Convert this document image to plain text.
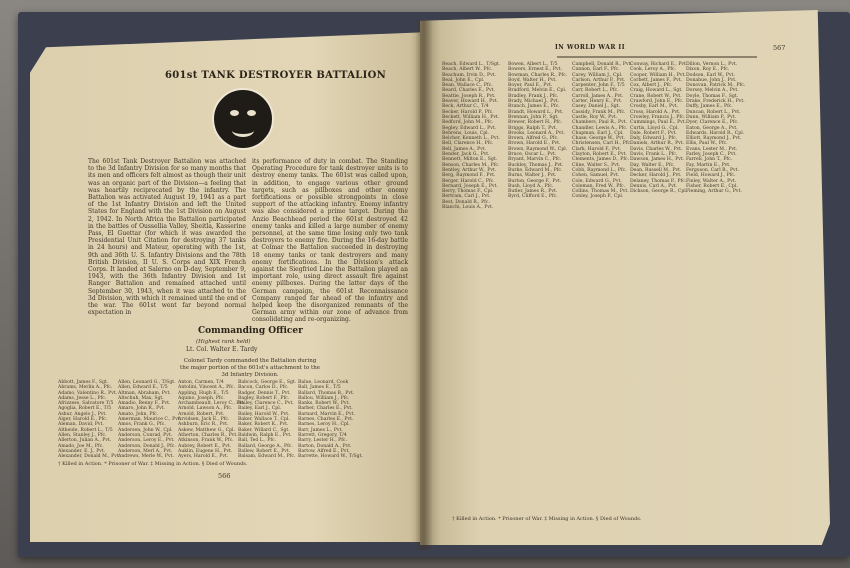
601st TANK DESTROYER BATTALION

The 601st Tank Destroyer Battalion was attached to the 3d Infantry Division for so many months that its men and officers felt almost as though their unit was an organic part of the Division—a feeling that was heartily reciprocated by the infantry. The Battalion was activated August 19, 1941 as a part of the 1st Infantry Division and left the United States for England with the 1st Division on August 2, 1942. In North Africa the Battalion participated in the battles of Oussellia Valley, Sbeitla, Kasserine Pass, El Guettar (for which it was awarded the Presidential Unit Citation for destroying 37 tanks in 24 hours) and Mateur, operating with the 1st, 9th and 36th U. S. Infantry Divisions and the 78th British Division, II U. S. Corps and XIX French Corps. It landed at Salerno on D-day, September 9, 1943, with the 36th Infantry Division and 1st Ranger Battalion and remained attached until September 30, 1943, when it was attached to the 3d Division, with which it remained until the end of the war. The 601st went far beyond normal expectation in

its performance of duty in combat. The Standing Operating Procedure for tank destroyer units is to destroy enemy tanks. The 601st was called upon, in addition, to engage various other ground targets, such as pillboxes and other enemy fortifications or possible strongpoints in close support of the attacking infantry. Enemy infantry was also considered a prime target. During the Anzio Beachhead period the 601st destroyed 42 enemy tanks and killed a large number of enemy personnel, at the same time losing only two tank destroyers to enemy fire. During the 16-day battle at Colmar the Battalion succeeded in destroying 18 enemy tanks or tank destroyers and many enemy fortifications. In the Division's attack against the Siegfried Line the Battalion played an important role, using direct assault fire against enemy pillboxes. During the latter days of the German campaign, the 601st Reconnaissance Company ranged far ahead of the infantry and helped keep the disorganized remnants of the German army within our zone of advance from consolidating and re-organizing.

Commanding Officer
(Highest rank held)
Lt. Col. Walter E. Tardy
Colonel Tardy commanded the Battalion during the major portion of the 601st's attachment to the 3d Infantry Division.
Abbott, James F., Sgt.
Abrams, Merlin A., Pfc.
Adamo, Valentino R., Pvt.
Adams, Jesse L., Pfc.
Afrizzese, Salvatore T/5
Agoglia, Robert E., T/5
Ashur, Angelo J., Pvt.
Alger, Harold E., Pfc.
Aleman, David, Pvt.
Altheide, Robert L., T/5
Allen, Stanley J., Pfc.
Allerton, Julian A., Pvt.
Amado, Joe M., Pfc.
Alexander, E. J., Pvt.
Alexander, Donald M., Pvt.
Allen, Leonard G., T/Sgt.
Allen, Edward E., T/5
Altman, Abraham, Pvt.
Altschuh, Max, Sgt.
Amadio, Benny F., Pvt.
Amaro, John R., Pvt.
Amato, John, Pfc.
Amerman, Maurice C., Pvt.
Amos, Frank G., Pfc.
Andersen, John W., Cpl.
Anderson, Conrad, Pvt.
Anderson, Leroy E., Pvt.
Anderson, Donald J., Pfc.
Anderson, Merl A., Pvt.
Andrews, Merle W., Pvt.
Anton, Carmen, T/4
Antolini, Vincent A., Pfc.
Appling, Hugh E., T/5
Aquino, Joseph, Pfc.
Archambeault, Leroy C., Pvt.
Arnold, Lawson A., Pfc.
Arnold, Robert, Pvt.
Arvidsen, Jack E., Pfc.
Ashburn, Eric R., Pvt.
Askew, Matthew G., Cpl.
Atherton, Charles R., Pvt.
Atkinson, Frank W., Pfc.
Aubrey, Robert E., Pvt.
Auklin, Eugene H., Pvt.
Ayers, Harold E., Pvt.
Babcock, George E., Sgt.
Bacon, Carlos D., Pfc.
Badger, Dennis T., Pvt.
Bagley, Robert F., Pfc.
Bailey, Clarence C., Pvt.
Bailey, Earl J., Cpl.
Bailey, Harold W., Pvt.
Baker, Wallace T., Cpl.
Baker, Robert K., Pvt.
Baker, Willard C., Sgt.
Baldwin, Ralph E., Pvt.
Ball, Ted L., Pfc.
Ballard, George A., Pfc.
Ballew, Robert E., Pvt.
Balsam, Edward M., Pfc.
Balue, Leonard, Cook
Ball, James E., T/5
Ballard, Thomas B., Pvt.
Ballou, William J., Pfc.
Banks, Robert W., Pvt.
Barber, Charles E., Pvt.
Barnard, Marvin E., Pvt.
Barnes, Charles E., Pvt.
Barnes, Leroy H., Cpl.
Barr, James L., Pvt.
Barrett, Gregory, T/4
Barry, Lester H., Pfc.
Barton, Donald A., Pvt.
Bartow, Alfred E., Pvt.
Barrette, Howard W., T/Sgt.
† Killed in Action. * Prisoner of War. ‡ Missing in Action. § Died of Wounds.
566
IN WORLD WAR II	567
Beach, Edward L., T/Sgt.
Beach, Albert W., Pfc.
Beachum, Irvin D., Pvt.
Beal, John E., Cpl.
Bean, Wallace C., Pfc.
Beard, Charles E., Pvt.
Beattie, Joseph R., Pvt.
Beaver, Howard H., Pvt.
Beck, Arthur C., T/4
Becker, Harold P., Pfc.
Beckett, William H., Pvt.
Bedford, John M., Pfc.
Begley, Edward L., Pvt.
Behrens, Louis, Cpl.
Belcher, Kenneth L., Pvt.
Bell, Clarence H., Pfc.
Bell, James A., Pvt.
Bender, Jack G., Pvt.
Bennett, Milton E., Sgt.
Benson, Charles M., Pfc.
Bentley, Arthur W., Pvt.
Berg, Raymond F., Pvt.
Berger, Harold C., Pfc.
Bernard, Joseph E., Pvt.
Berry, Thomas F., Cpl.
Bertram, Carl J., Pvt.
Best, Donald R., Pfc.
Bianchi, Louis A., Pvt.
Bowen, Albert L., T/5
Bowers, Ernest E., Pvt.
Bowman, Charles R., Pfc.
Boyd, Walter H., Pvt.
Boyer, Paul E., Pvt.
Bradford, Melvin E., Cpl.
Bradley, Frank J., Pfc.
Brady, Michael J., Pvt.
Branch, James E., Pfc.
Brandt, Howard L., Pvt.
Brennan, John P., Sgt.
Brewer, Robert H., Pfc.
Briggs, Ralph T., Pvt.
Brooks, Leonard A., Pvt.
Brown, Alfred G., Pfc.
Brown, Harold E., Pvt.
Brown, Raymond W., Cpl.
Bruce, Oscar L., Pvt.
Bryant, Marvin C., Pfc.
Buckley, Thomas J., Pvt.
Burke, Edward M., Pfc.
Burns, Walter J., Pvt.
Burton, George F., Pvt.
Bush, Lloyd A., Pfc.
Butler, James R., Pvt.
Byrd, Clifford E., Pfc.
Campbell, Donald R., Pvt.
Cannon, Earl F., Pfc.
Carey, William J., Cpl.
Carlson, Arthur P., Pvt.
Carpenter, John F., T/5
Carr, Robert L., Pfc.
Carroll, James A., Pvt.
Carter, Henry E., Pvt.
Casey, Daniel J., Sgt.
Cassidy, Frank M., Pfc.
Castle, Roy W., Pvt.
Chambers, Paul R., Pvt.
Chandler, Lewis A., Pfc.
Chapman, Earl J., Cpl.
Chase, George W., Pvt.
Christensen, Carl H., Pfc.
Clark, Harold F., Pvt.
Clayton, Robert E., Pvt.
Clements, James D., Pfc.
Cline, Walter S., Pvt.
Cobb, Raymond L., Pfc.
Cohen, Samuel, Pvt.
Cole, Edward G., Pvt.
Coleman, Fred W., Pfc.
Collins, Thomas M., Pvt.
Conley, Joseph P., Cpl.
Conway, Richard E., Pvt.
Cook, Leroy A., Pfc.
Cooper, William H., Pvt.
Corbett, James F., Pvt.
Cox, Albert J., Pfc.
Craig, Howard L., Sgt.
Crane, Robert W., Pvt.
Crawford, John E., Pfc.
Crosby, Earl M., Pvt.
Cross, Harold A., Pvt.
Crowley, Francis J., Pfc.
Cummings, Paul E., Pvt.
Curtis, Lloyd G., Cpl.
Dale, Robert F., Pvt.
Daly, Edward J., Pfc.
Daniels, Arthur R., Pvt.
Davis, Charles W., Pvt.
Davis, Frank L., Pfc.
Dawson, James H., Pvt.
Day, Walter E., Pfc.
Dean, Russell M., Pvt.
Decker, Harold J., Pvt.
Delaney, Thomas P., Pfc.
Dennis, Carl A., Pvt.
Dickson, George R., Cpl.
Dillon, Vernon L., Pvt.
Dixon, Roy E., Pfc.
Dodson, Earl W., Pvt.
Donahue, John J., Pvt.
Donovan, Patrick M., Pfc.
Dorsey, Melvin A., Pvt.
Doyle, Thomas F., Sgt.
Drake, Frederick H., Pvt.
Duffy, James E., Pfc.
Duncan, Robert L., Pvt.
Dunn, William P., Pvt.
Dyer, Clarence E., Pfc.
Eaton, George A., Pvt.
Edwards, Harold R., Cpl.
Elliott, Raymond J., Pvt.
Ellis, Paul W., Pfc.
Evans, Lester M., Pvt.
Farley, Joseph C., Pvt.
Farrell, John T., Pfc.
Fay, Martin E., Pvt.
Ferguson, Carl R., Pvt.
Field, Howard J., Pfc.
Finley, Walter A., Pvt.
Fisher, Robert E., Cpl.
Fleming, Arthur G., Pvt.
† Killed in Action. * Prisoner of War. ‡ Missing in Action. § Died of Wounds.
